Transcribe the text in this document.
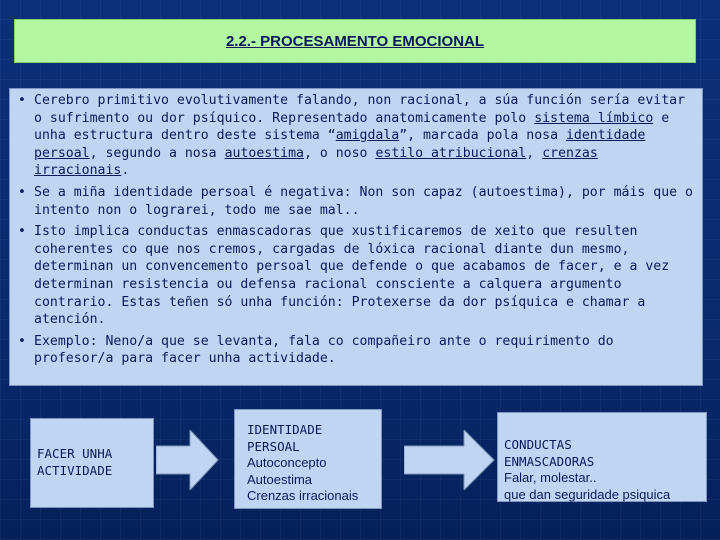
2.2.- PROCESAMENTO EMOCIONAL

• Cerebro primitivo evolutivamente falando, non racional, a súa función sería evitar o sufrimento ou dor psíquico. Representado anatomicamente polo sistema límbico e unha estructura dentro deste sistema “amigdala”, marcada pola nosa identidade persoal, segundo a nosa autoestima, o noso estilo atribucional, crenzas irracionais.

• Se a miña identidade persoal é negativa: Non son capaz (autoestima), por máis que o intento non o lograrei, todo me sae mal..

• Isto implica conductas enmascadoras que xustificaremos de xeito que resulten coherentes co que nos cremos, cargadas de lóxica racional diante dun mesmo, determinan un convencemento persoal que defende o que acabamos de facer, e a vez determinan resistencia ou defensa racional consciente a calquera argumento contrario. Estas teñen só unha función: Protexerse da dor psíquica e chamar a atención.

• Exemplo: Neno/a que se levanta, fala co compañeiro ante o requirimento do profesor/a para facer unha actividade.

FACER UNHA
ACTIVIDADE
IDENTIDADE
PERSOAL
Autoconcepto
Autoestima
Crenzas irracionais
CONDUCTAS
ENMASCADORAS
Falar, molestar..
que dan seguridade psiquica
